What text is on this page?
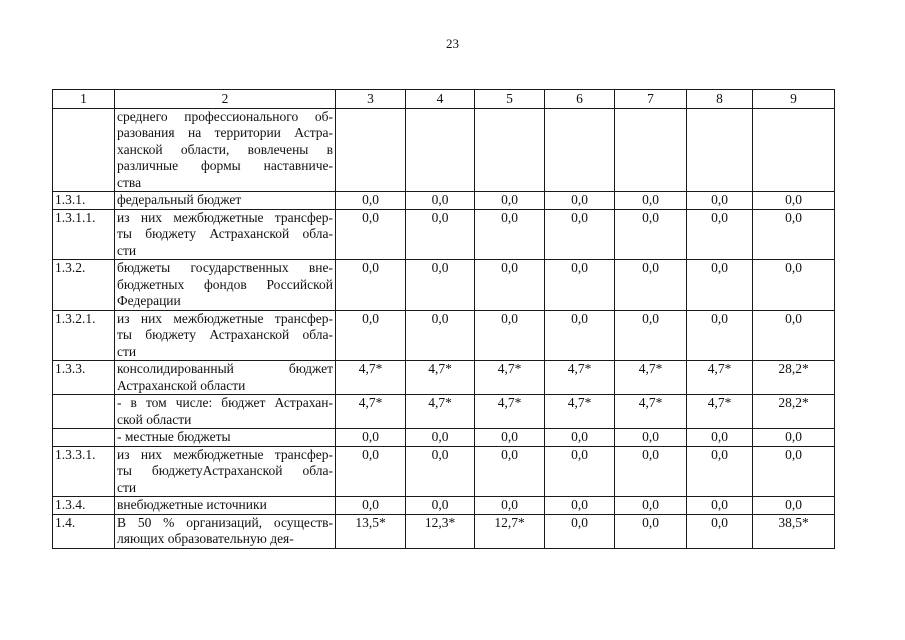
23
1	2	3	4	5	6	7	8	9

	среднего профессионального об-
разования на территории Астра-
ханской области, вовлечены в
различные формы наставниче-
ства							

1.3.1.	федеральный бюджет	0,0	0,0	0,0	0,0	0,0	0,0	0,0
1.3.1.1.	из них межбюджетные трансфер-
ты бюджету Астраханской обла-
сти	0,0	0,0	0,0	0,0	0,0	0,0	0,0
1.3.2.	бюджеты государственных вне-
бюджетных фондов Российской
Федерации	0,0	0,0	0,0	0,0	0,0	0,0	0,0
1.3.2.1.	из них межбюджетные трансфер-
ты бюджету Астраханской обла-
сти	0,0	0,0	0,0	0,0	0,0	0,0	0,0
1.3.3.	консолидированный бюджет
Астраханской области	4,7*	4,7*	4,7*	4,7*	4,7*	4,7*	28,2*

	- в том числе: бюджет Астрахан-
ской области	4,7*	4,7*	4,7*	4,7*	4,7*	4,7*	28,2*

	- местные бюджеты	0,0	0,0	0,0	0,0	0,0	0,0	0,0
1.3.3.1.	из них межбюджетные трансфер-
ты бюджетуАстраханской обла-
сти	0,0	0,0	0,0	0,0	0,0	0,0	0,0
1.3.4.	внебюджетные источники	0,0	0,0	0,0	0,0	0,0	0,0	0,0
1.4.	В 50 % организаций, осуществ-
ляющих образовательную дея-	13,5*	12,3*	12,7*	0,0	0,0	0,0	38,5*
